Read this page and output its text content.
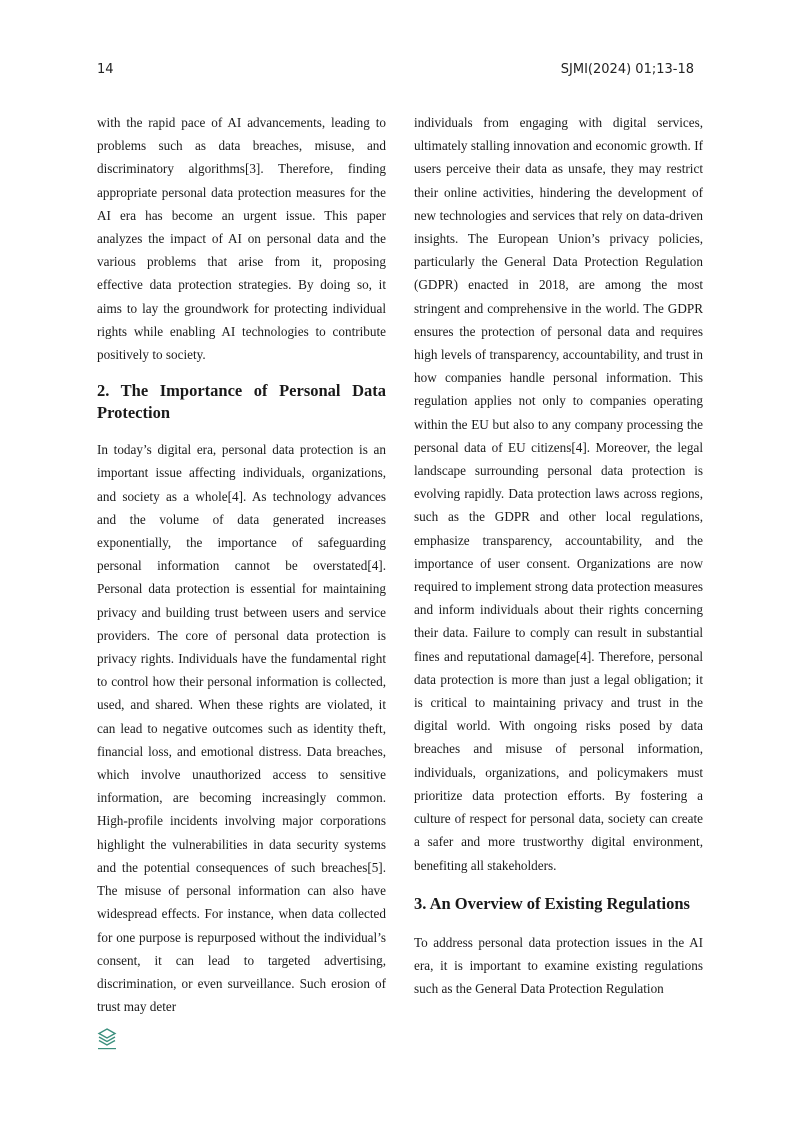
14	SJMI(2024) 01;13-18

with the rapid pace of AI advancements, leading to problems such as data breaches, misuse, and discriminatory algorithms[3]. Therefore, finding appropriate personal data protection measures for the AI era has become an urgent issue. This paper analyzes the impact of AI on personal data and the various problems that arise from it, proposing effective data protection strategies. By doing so, it aims to lay the groundwork for protecting individual rights while enabling AI technologies to contribute positively to society.

2. The Importance of Personal Data Protection

In today’s digital era, personal data protection is an important issue affecting individuals, organizations, and society as a whole[4]. As technology advances and the volume of data generated increases exponentially, the importance of safeguarding personal information cannot be overstated[4]. Personal data protection is essential for maintaining privacy and building trust between users and service providers. The core of personal data protection is privacy rights. Individuals have the fundamental right to control how their personal information is collected, used, and shared. When these rights are violated, it can lead to negative outcomes such as identity theft, financial loss, and emotional distress. Data breaches, which involve unauthorized access to sensitive information, are becoming increasingly common. High-profile incidents involving major corporations highlight the vulnerabilities in data security systems and the potential consequences of such breaches[5]. The misuse of personal information can also have widespread effects. For instance, when data collected for one purpose is repurposed without the individual’s consent, it can lead to targeted advertising, discrimination, or even surveillance. Such erosion of trust may deter

individuals from engaging with digital services, ultimately stalling innovation and economic growth. If users perceive their data as unsafe, they may restrict their online activities, hindering the development of new technologies and services that rely on data-driven insights. The European Union’s privacy policies, particularly the General Data Protection Regulation (GDPR) enacted in 2018, are among the most stringent and comprehensive in the world. The GDPR ensures the protection of personal data and requires high levels of transparency, accountability, and trust in how companies handle personal information. This regulation applies not only to companies operating within the EU but also to any company processing the personal data of EU citizens[4]. Moreover, the legal landscape surrounding personal data protection is evolving rapidly. Data protection laws across regions, such as the GDPR and other local regulations, emphasize transparency, accountability, and the importance of user consent. Organizations are now required to implement strong data protection measures and inform individuals about their rights concerning their data. Failure to comply can result in substantial fines and reputational damage[4]. Therefore, personal data protection is more than just a legal obligation; it is critical to maintaining privacy and trust in the digital world. With ongoing risks posed by data breaches and misuse of personal information, individuals, organizations, and policymakers must prioritize data protection efforts. By fostering a culture of respect for personal data, society can create a safer and more trustworthy digital environment, benefiting all stakeholders.

3. An Overview of Existing Regulations

To address personal data protection issues in the AI era, it is important to examine existing regulations such as the General Data Protection Regulation
